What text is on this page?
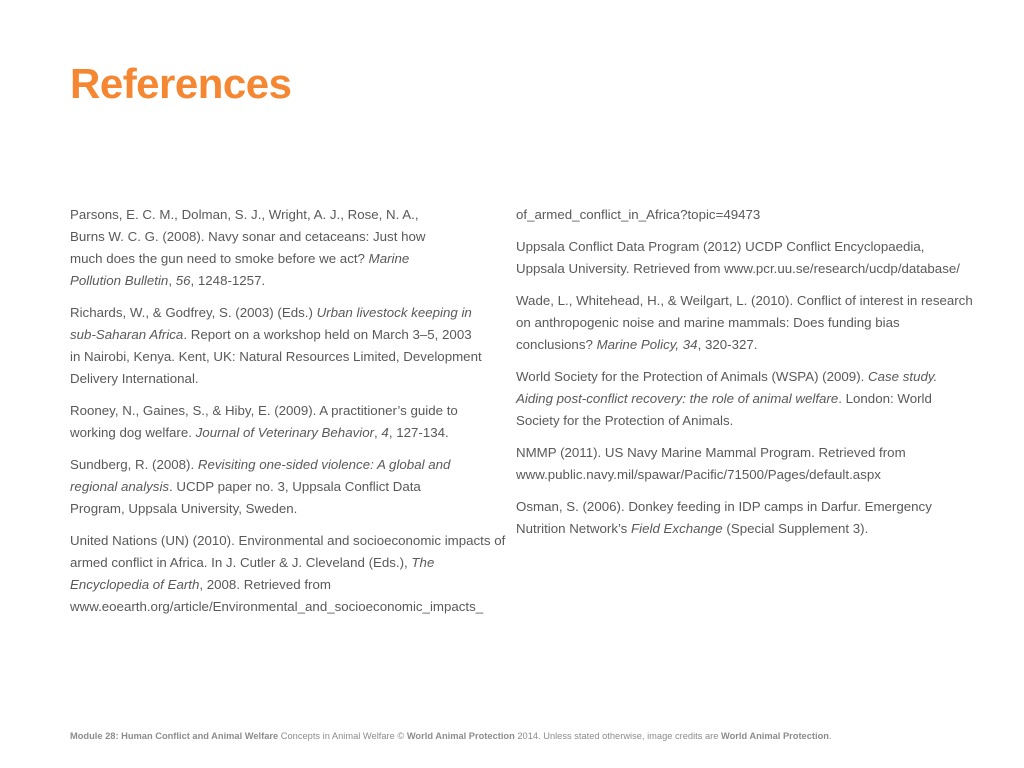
References

Parsons, E. C. M., Dolman, S. J., Wright, A. J., Rose, N. A., Burns W. C. G. (2008). Navy sonar and cetaceans: Just how much does the gun need to smoke before we act? Marine Pollution Bulletin, 56, 1248-1257.

Richards, W., & Godfrey, S. (2003) (Eds.) Urban livestock keeping in sub-Saharan Africa. Report on a workshop held on March 3–5, 2003 in Nairobi, Kenya. Kent, UK: Natural Resources Limited, Development Delivery International.

Rooney, N., Gaines, S., & Hiby, E. (2009). A practitioner’s guide to working dog welfare. Journal of Veterinary Behavior, 4, 127-134.

Sundberg, R. (2008). Revisiting one-sided violence: A global and regional analysis. UCDP paper no. 3, Uppsala Conflict Data Program, Uppsala University, Sweden.

United Nations (UN) (2010). Environmental and socioeconomic impacts of armed conflict in Africa. In J. Cutler & J. Cleveland (Eds.), The Encyclopedia of Earth, 2008. Retrieved from www.eoearth.org/article/Environmental_and_socioeconomic_impacts_

of_armed_conflict_in_Africa?topic=49473

Uppsala Conflict Data Program (2012) UCDP Conflict Encyclopaedia, Uppsala University. Retrieved from www.pcr.uu.se/research/ucdp/database/

Wade, L., Whitehead, H., & Weilgart, L. (2010). Conflict of interest in research on anthropogenic noise and marine mammals: Does funding bias conclusions? Marine Policy, 34, 320-327.

World Society for the Protection of Animals (WSPA) (2009). Case study. Aiding post-conflict recovery: the role of animal welfare. London: World Society for the Protection of Animals.

NMMP (2011). US Navy Marine Mammal Program. Retrieved from www.public.navy.mil/spawar/Pacific/71500/Pages/default.aspx

Osman, S. (2006). Donkey feeding in IDP camps in Darfur. Emergency Nutrition Network’s Field Exchange (Special Supplement 3).

Module 28: Human Conflict and Animal Welfare Concepts in Animal Welfare © World Animal Protection 2014. Unless stated otherwise, image credits are World Animal Protection.
